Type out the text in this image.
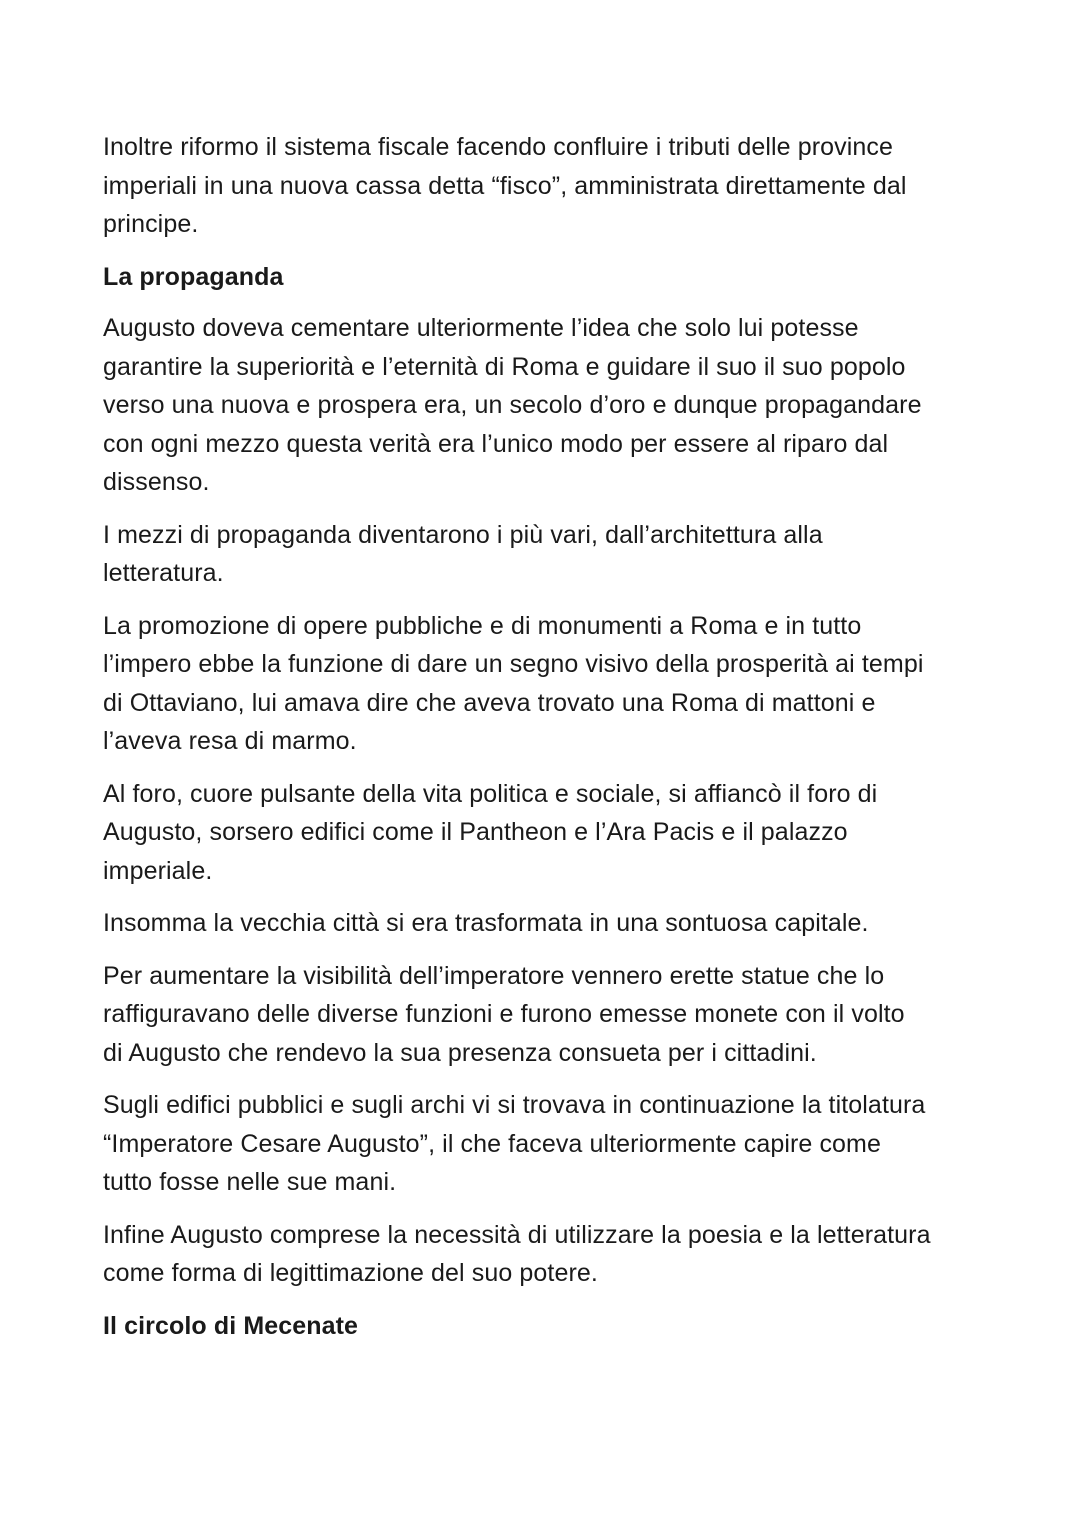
Inoltre riformo il sistema fiscale facendo confluire i tributi delle province
imperiali in una nuova cassa detta “fisco”, amministrata direttamente dal
principe.

La propaganda

Augusto doveva cementare ulteriormente l’idea che solo lui potesse
garantire la superiorità e l’eternità di Roma e guidare il suo il suo popolo
verso una nuova e prospera era, un secolo d’oro e dunque propagandare
con ogni mezzo questa verità era l’unico modo per essere al riparo dal
dissenso.

I mezzi di propaganda diventarono i più vari, dall’architettura alla
letteratura.

La promozione di opere pubbliche e di monumenti a Roma e in tutto
l’impero ebbe la funzione di dare un segno visivo della prosperità ai tempi
di Ottaviano, lui amava dire che aveva trovato una Roma di mattoni e
l’aveva resa di marmo.

Al foro, cuore pulsante della vita politica e sociale, si affiancò il foro di
Augusto, sorsero edifici come il Pantheon e l’Ara Pacis e il palazzo
imperiale.

Insomma la vecchia città si era trasformata in una sontuosa capitale.

Per aumentare la visibilità dell’imperatore vennero erette statue che lo
raffiguravano delle diverse funzioni e furono emesse monete con il volto
di Augusto che rendevo la sua presenza consueta per i cittadini.

Sugli edifici pubblici e sugli archi vi si trovava in continuazione la titolatura
“Imperatore Cesare Augusto”, il che faceva ulteriormente capire come
tutto fosse nelle sue mani.

Infine Augusto comprese la necessità di utilizzare la poesia e la letteratura
come forma di legittimazione del suo potere.

Il circolo di Mecenate
